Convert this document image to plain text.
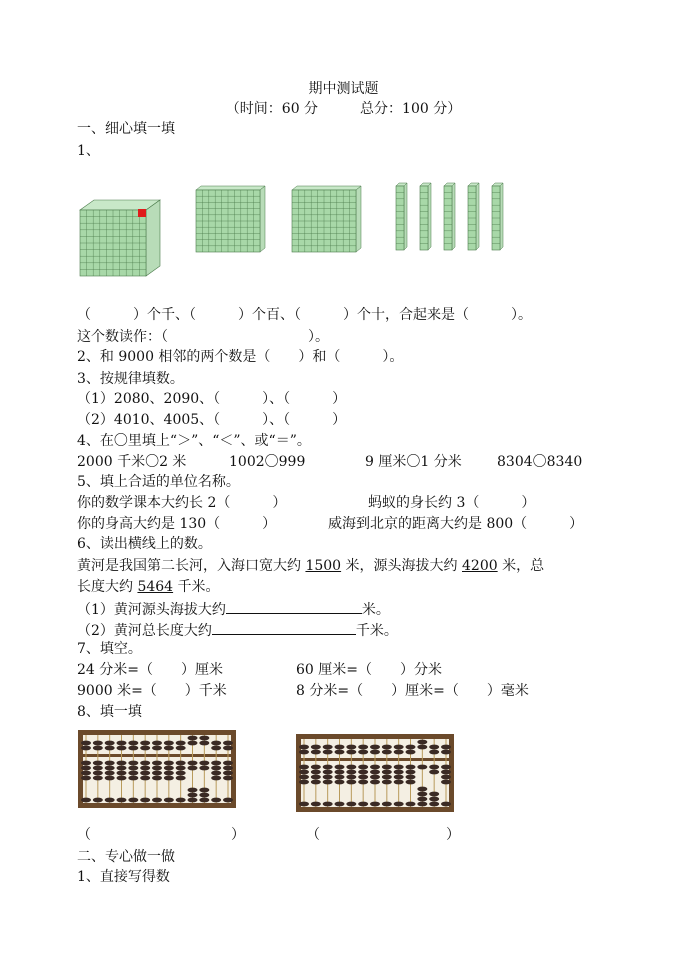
期中测试题
（时间：60 分　　　总分：100 分）
一、细心填一填
1、
（　　　）个千、（　　　）个百、（　　　）个十，合起来是（　　　）。
这个数读作：（　　　　　　　　　　）。
2、和 9000 相邻的两个数是（　　）和（　　　）。
3、按规律填数。
（1）2080、2090、（　　　）、（　　　）
（2）4010、4005、（　　　）、（　　　）
4、在〇里填上“＞”、“＜”、或“＝”。
2000 千米〇2 米	1002〇999	9 厘米〇1 分米	8304〇8340
5、填上合适的单位名称。
你的数学课本大约长 2（　　　）	蚂蚁的身长约 3（　　　）
你的身高大约是 130（　　　）	威海到北京的距离大约是 800（　　　）
6、读出横线上的数。
黄河是我国第二长河，入海口宽大约 1500 米，源头海拔大约 4200 米，总
长度大约 5464 千米。
（1）黄河源头海拔大约	米。
（2）黄河总长度大约	千米。
7、填空。
24 分米=（　　）厘米	60 厘米=（　　）分米
9000 米=（　　）千米	8 分米=（　　）厘米=（　　）毫米
8、填一填
（　　　　　　　　　　）	（　　　　　　　　　）
二、专心做一做
1、直接写得数
